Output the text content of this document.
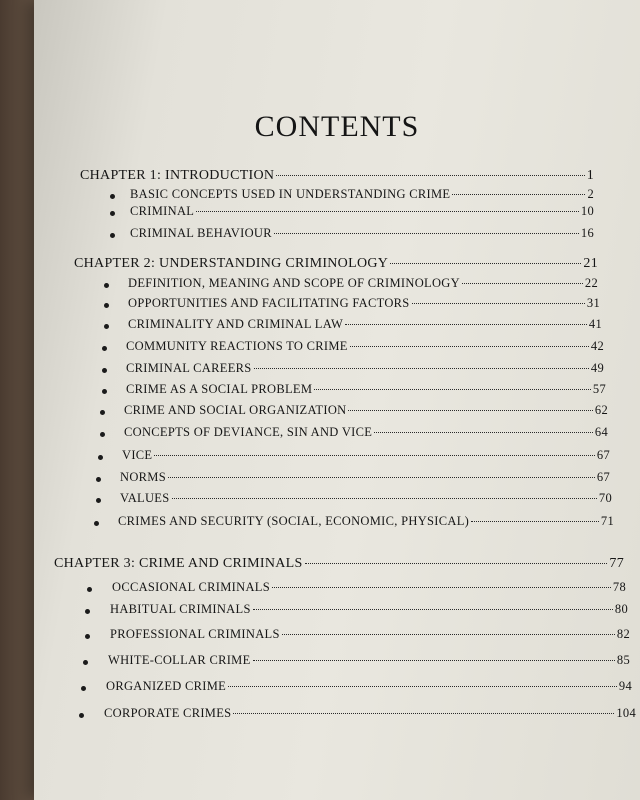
CONTENTS
CHAPTER 1: INTRODUCTION	1
BASIC CONCEPTS USED IN UNDERSTANDING CRIME	2
CRIMINAL	10
CRIMINAL BEHAVIOUR	16
CHAPTER 2: UNDERSTANDING CRIMINOLOGY	21
DEFINITION, MEANING AND SCOPE OF CRIMINOLOGY	22
OPPORTUNITIES AND FACILITATING FACTORS	31
CRIMINALITY AND CRIMINAL LAW	41
COMMUNITY REACTIONS TO CRIME	42
CRIMINAL CAREERS	49
CRIME AS A SOCIAL PROBLEM	57
CRIME AND SOCIAL ORGANIZATION	62
CONCEPTS OF DEVIANCE, SIN AND VICE	64
VICE	67
NORMS	67
VALUES	70
CRIMES AND SECURITY (SOCIAL, ECONOMIC, PHYSICAL)	71
CHAPTER 3: CRIME AND CRIMINALS	77
OCCASIONAL CRIMINALS	78
HABITUAL CRIMINALS	80
PROFESSIONAL CRIMINALS	82
WHITE-COLLAR CRIME	85
ORGANIZED CRIME	94
CORPORATE CRIMES	104
